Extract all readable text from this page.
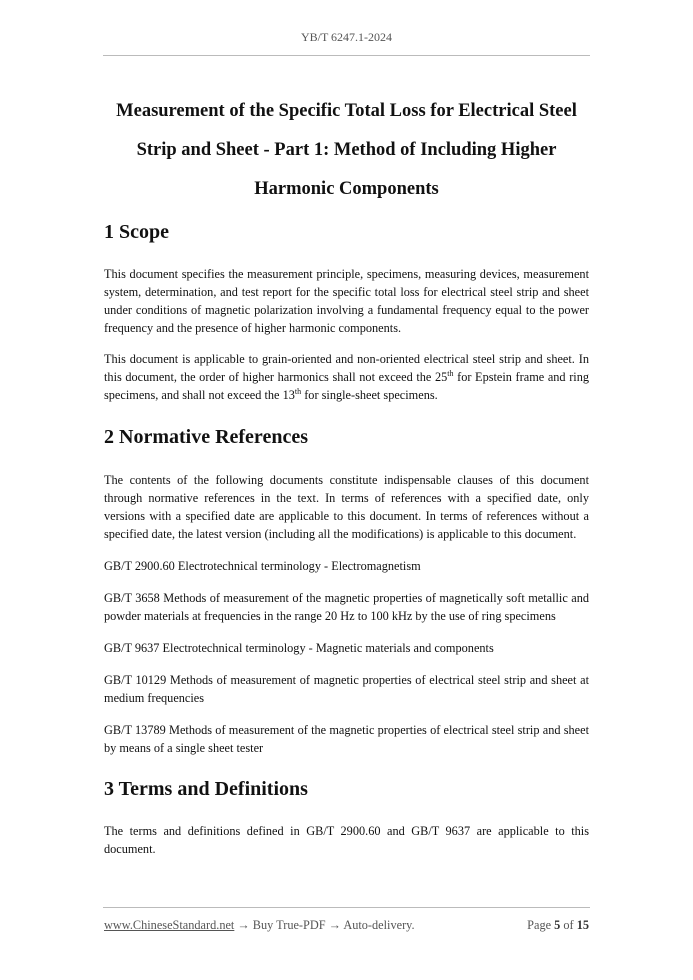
YB/T 6247.1-2024
Measurement of the Specific Total Loss for Electrical Steel Strip and Sheet - Part 1: Method of Including Higher Harmonic Components
1 Scope

This document specifies the measurement principle, specimens, measuring devices, measurement system, determination, and test report for the specific total loss for electrical steel strip and sheet under conditions of magnetic polarization involving a fundamental frequency equal to the power frequency and the presence of higher harmonic components.

This document is applicable to grain-oriented and non-oriented electrical steel strip and sheet. In this document, the order of higher harmonics shall not exceed the 25th for Epstein frame and ring specimens, and shall not exceed the 13th for single-sheet specimens.

2 Normative References

The contents of the following documents constitute indispensable clauses of this document through normative references in the text. In terms of references with a specified date, only versions with a specified date are applicable to this document. In terms of references without a specified date, the latest version (including all the modifications) is applicable to this document.

GB/T 2900.60 Electrotechnical terminology - Electromagnetism

GB/T 3658 Methods of measurement of the magnetic properties of magnetically soft metallic and powder materials at frequencies in the range 20 Hz to 100 kHz by the use of ring specimens

GB/T 9637 Electrotechnical terminology - Magnetic materials and components

GB/T 10129 Methods of measurement of magnetic properties of electrical steel strip and sheet at medium frequencies

GB/T 13789 Methods of measurement of the magnetic properties of electrical steel strip and sheet by means of a single sheet tester

3 Terms and Definitions

The terms and definitions defined in GB/T 2900.60 and GB/T 9637 are applicable to this document.

www.ChineseStandard.net → Buy True-PDF → Auto-delivery.	Page 5 of 15
